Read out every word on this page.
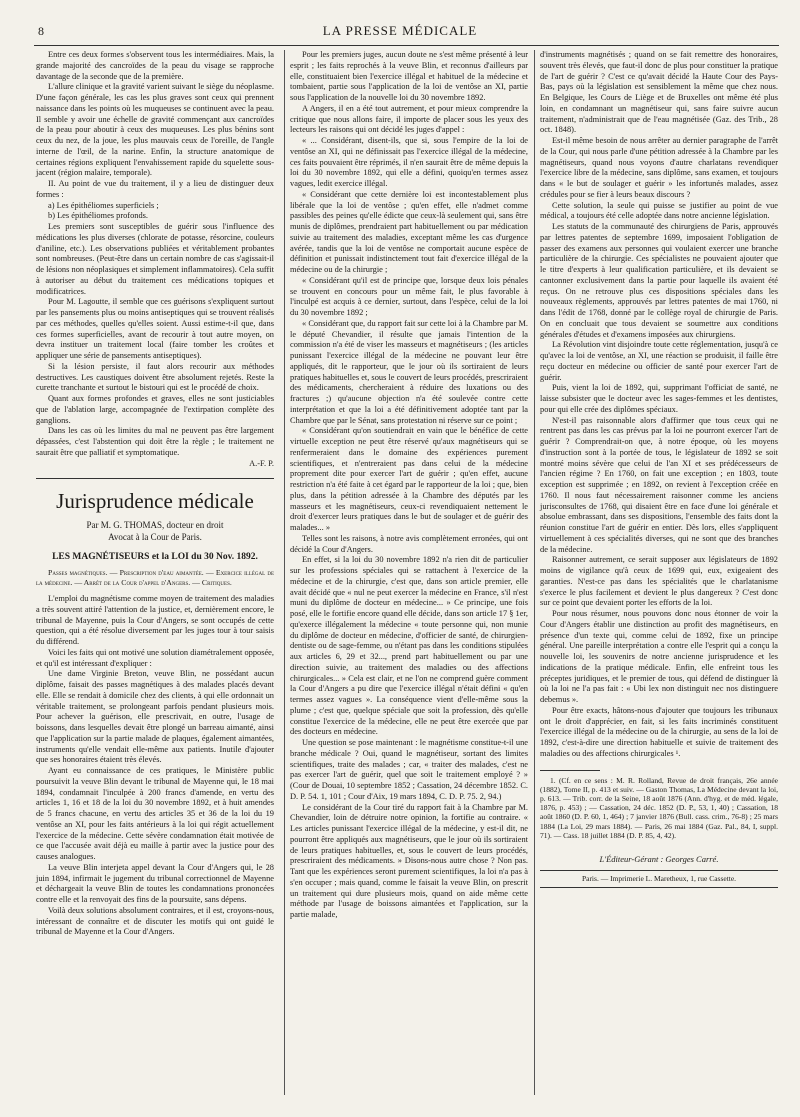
8	LA PRESSE MÉDICALE

Entre ces deux formes s'observent tous les intermédiaires. Mais, la grande majorité des cancroïdes de la peau du visage se rapproche davantage de la seconde que de la première.

L'allure clinique et la gravité varient suivant le siège du néoplasme. D'une façon générale, les cas les plus graves sont ceux qui prennent naissance dans les points où les muqueuses se continuent avec la peau. Il semble y avoir une échelle de gravité commençant aux cancroïdes de la peau pour aboutir à ceux des muqueuses. Les plus bénins sont ceux du nez, de la joue, les plus mauvais ceux de l'oreille, de l'angle interne de l'œil, de la narine. Enfin, la structure anatomique de certaines régions expliquent l'envahissement rapide du squelette sous-jacent (région malaire, temporale).

II. Au point de vue du traitement, il y a lieu de distinguer deux formes :

a) Les épithéliomes superficiels ;

b) Les épithéliomes profonds.

Les premiers sont susceptibles de guérir sous l'influence des médications les plus diverses (chlorate de potasse, résorcine, couleurs d'aniline, etc.). Les observations publiées et véritablement probantes sont nombreuses. (Peut-être dans un certain nombre de cas s'agissait-il de lésions non néoplasiques et simplement inflammatoires). Cela suffit à autoriser au début du traitement ces médications topiques et modificatrices.

Pour M. Lagoutte, il semble que ces guérisons s'expliquent surtout par les pansements plus ou moins antiseptiques qui se trouvent réalisés par ces méthodes, quelles qu'elles soient. Aussi estime-t-il que, dans ces formes superficielles, avant de recourir à tout autre moyen, on devra instituer un traitement local (faire tomber les croûtes et appliquer une série de pansements antiseptiques).

Si la lésion persiste, il faut alors recourir aux méthodes destructives. Les caustiques doivent être absolument rejetés. Reste la curette tranchante et surtout le bistouri qui est le procédé de choix.

Quant aux formes profondes et graves, elles ne sont justiciables que de l'ablation large, accompagnée de l'extirpation complète des ganglions.

Dans les cas où les limites du mal ne peuvent pas être largement dépassées, c'est l'abstention qui doit être la règle ; le traitement ne saurait être que palliatif et symptomatique.

A.-F. P.

Jurisprudence médicale
Par M. G. THOMAS, docteur en droit
Avocat à la Cour de Paris.
LES MAGNÉTISEURS et la LOI du 30 Nov. 1892.
Passes magnétiques. — Prescription d'eau aimantée. — Exercice illégal de la médecine. — Arrêt de la Cour d'appel d'Angers. — Critiques.

L'emploi du magnétisme comme moyen de traitement des maladies a très souvent attiré l'attention de la justice, et, dernièrement encore, le tribunal de Mayenne, puis la Cour d'Angers, se sont occupés de cette question, qui a été résolue diversement par les juges tour à tour saisis du différend.

Voici les faits qui ont motivé une solution diamétralement opposée, et qu'il est intéressant d'expliquer :

Une dame Virginie Breton, veuve Blin, ne possédant aucun diplôme, faisait des passes magnétiques à des malades placés devant elle. Elle se rendait à domicile chez des clients, à qui elle ordonnait un véritable traitement, se prolongeant parfois pendant plusieurs mois. Pour achever la guérison, elle prescrivait, en outre, l'usage de boissons, dans lesquelles devait être plongé un barreau aimanté, ainsi que l'application sur la partie malade de plaques, également aimantées, instruments qu'elle vendait elle-même aux patients. Inutile d'ajouter que ses honoraires étaient très élevés.

Ayant eu connaissance de ces pratiques, le Ministère public poursuivit la veuve Blin devant le tribunal de Mayenne qui, le 18 mai 1894, condamnait l'inculpée à 200 francs d'amende, en vertu des articles 1, 16 et 18 de la loi du 30 novembre 1892, et à huit amendes de 5 francs chacune, en vertu des articles 35 et 36 de la loi du 19 ventôse an XI, pour les faits antérieurs à la loi qui régit actuellement l'exercice de la médecine. Cette sévère condamnation était motivée de ce que l'accusée avait déjà eu maille à partir avec la justice pour des causes analogues.

La veuve Blin interjeta appel devant la Cour d'Angers qui, le 28 juin 1894, infirmait le jugement du tribunal correctionnel de Mayenne et déchargeait la veuve Blin de toutes les condamnations prononcées contre elle et la renvoyait des fins de la poursuite, sans dépens.

Voilà deux solutions absolument contraires, et il est, croyons-nous, intéressant de connaître et de discuter les motifs qui ont guidé le tribunal de Mayenne et la Cour d'Angers.

Pour les premiers juges, aucun doute ne s'est même présenté à leur esprit ; les faits reprochés à la veuve Blin, et reconnus d'ailleurs par elle, constituaient bien l'exercice illégal et habituel de la médecine et tombaient, partie sous l'application de la loi de ventôse an XI, partie sous l'application de la nouvelle loi du 30 novembre 1892.

A Angers, il en a été tout autrement, et pour mieux comprendre la critique que nous allons faire, il importe de placer sous les yeux des lecteurs les raisons qui ont décidé les juges d'appel :

« ... Considérant, disent-ils, que si, sous l'empire de la loi de ventôse an XI, qui ne définissait pas l'exercice illégal de la médecine, ces faits pouvaient être réprimés, il n'en saurait être de même depuis la loi du 30 novembre 1892, qui elle a défini, quoiqu'en termes assez vagues, ledit exercice illégal.

« Considérant que cette dernière loi est incontestablement plus libérale que la loi de ventôse ; qu'en effet, elle n'admet comme passibles des peines qu'elle édicte que ceux-là seulement qui, sans être munis de diplômes, prendraient part habituellement ou par médication suivie au traitement des maladies, exceptant même les cas d'urgence avérée, tandis que la loi de ventôse ne comportait aucune espèce de définition et punissait indistinctement tout fait d'exercice illégal de la médecine ou de la chirurgie ;

« Considérant qu'il est de principe que, lorsque deux lois pénales se trouvent en concours pour un même fait, le plus favorable à l'inculpé est acquis à ce dernier, surtout, dans l'espèce, celui de la loi du 30 novembre 1892 ;

« Considérant que, du rapport fait sur cette loi à la Chambre par M. le député Chevandier, il résulte que jamais l'intention de la commission n'a été de viser les masseurs et magnétiseurs ; (les articles punissant l'exercice illégal de la médecine ne pouvant leur être appliqués, dit le rapporteur, que le jour où ils sortiraient de leurs pratiques habituelles et, sous le couvert de leurs procédés, prescriraient des médicaments, chercheraient à réduire des luxations ou des fractures ;) qu'aucune objection n'a été soulevée contre cette interprétation et que la loi a été définitivement adoptée tant par la Chambre que par le Sénat, sans protestation ni réserve sur ce point ;

« Considérant qu'on soutiendrait en vain que le bénéfice de cette virtuelle exception ne peut être réservé qu'aux magnétiseurs qui se renfermeraient dans le domaine des expériences purement scientifiques, et n'entreraient pas dans celui de la médecine proprement dite pour exercer l'art de guérir ; qu'en effet, aucune restriction n'a été faite à cet égard par le rapporteur de la loi ; que, bien plus, dans la pétition adressée à la Chambre des députés par les masseurs et les magnétiseurs, ceux-ci revendiquaient nettement le droit d'exercer leurs pratiques dans le but de soulager et de guérir des malades... »

Telles sont les raisons, à notre avis complètement erronées, qui ont décidé la Cour d'Angers.

En effet, si la loi du 30 novembre 1892 n'a rien dit de particulier sur les professions spéciales qui se rattachent à l'exercice de la médecine et de la chirurgie, c'est que, dans son article premier, elle avait décidé que « nul ne peut exercer la médecine en France, s'il n'est muni du diplôme de docteur en médecine... » Ce principe, une fois posé, elle le fortifie encore quand elle décide, dans son article 17 § 1er, qu'exerce illégalement la médecine « toute personne qui, non munie du diplôme de docteur en médecine, d'officier de santé, de chirurgien-dentiste ou de sage-femme, ou n'étant pas dans les conditions stipulées aux articles 6, 29 et 32..., prend part habituellement ou par une direction suivie, au traitement des maladies ou des affections chirurgicales... » Cela est clair, et ne l'on ne comprend guère comment la Cour d'Angers a pu dire que l'exercice illégal n'était défini « qu'en termes assez vagues ». La conséquence vient d'elle-même sous la plume ; c'est que, quelque spéciale que soit la profession, dès qu'elle constitue l'exercice de la médecine, elle ne peut être exercée que par des docteurs en médecine.

Une question se pose maintenant : le magnétisme constitue-t-il une branche médicale ? Oui, quand le magnétiseur, sortant des limites scientifiques, traite des malades ; car, « traiter des malades, c'est ne pas exercer l'art de guérir, quel que soit le traitement employé ? » (Cour de Douai, 10 septembre 1852 ; Cassation, 24 décembre 1852. C. D. P. 54. 1, 101 ; Cour d'Aix, 19 mars 1894, C. D. P. 75. 2, 94.)

Le considérant de la Cour tiré du rapport fait à la Chambre par M. Chevandier, loin de détruire notre opinion, la fortifie au contraire. « Les articles punissant l'exercice illégal de la médecine, y est-il dit, ne pourront être appliqués aux magnétiseurs, que le jour où ils sortiraient de leurs pratiques habituelles, et, sous le couvert de leurs procédés, prescriraient des médicaments. » Disons-nous autre chose ? Non pas. Tant que les expériences seront purement scientifiques, la loi n'a pas à s'en occuper ; mais quand, comme le faisait la veuve Blin, on prescrit un traitement qui dure plusieurs mois, quand on aide même cette méthode par l'usage de boissons aimantées et l'application, sur la partie malade,

d'instruments magnétisés ; quand on se fait remettre des honoraires, souvent très élevés, que faut-il donc de plus pour constituer la pratique de l'art de guérir ? C'est ce qu'avait décidé la Haute Cour des Pays-Bas, pays où la législation est sensiblement la même que chez nous. En Belgique, les Cours de Liège et de Bruxelles ont même été plus loin, en condamnant un magnétiseur qui, sans faire suivre aucun traitement, n'administrait que de l'eau magnétisée (Gaz. des Trib., 28 oct. 1848).

Est-il même besoin de nous arrêter au dernier paragraphe de l'arrêt de la Cour, qui nous parle d'une pétition adressée à la Chambre par les magnétiseurs, quand nous voyons d'autre charlatans revendiquer l'exercice libre de la médecine, sans diplôme, sans examen, et toujours dans « le but de soulager et guérir » les infortunés malades, assez crédules pour se fier à leurs beaux discours ?

Cette solution, la seule qui puisse se justifier au point de vue médical, a toujours été celle adoptée dans notre ancienne législation.

Les statuts de la communauté des chirurgiens de Paris, approuvés par lettres patentes de septembre 1699, imposaient l'obligation de passer des examens aux personnes qui voulaient exercer une branche particulière de la chirurgie. Ces spécialistes ne pouvaient ajouter que le titre d'experts à leur qualification particulière, et ils devaient se cantonner exclusivement dans la partie pour laquelle ils avaient été reçus. On ne retrouve plus ces dispositions spéciales dans les nouveaux règlements, approuvés par lettres patentes de mai 1760, ni dans l'édit de 1768, donné par le collège royal de chirurgie de Paris. On en concluait que tous devaient se soumettre aux conditions générales d'études et d'examens imposées aux chirurgiens.

La Révolution vint disjoindre toute cette réglementation, jusqu'à ce qu'avec la loi de ventôse, an XI, une réaction se produisit, il faille être reçu docteur en médecine ou officier de santé pour exercer l'art de guérir.

Puis, vient la loi de 1892, qui, supprimant l'officiat de santé, ne laisse subsister que le docteur avec les sages-femmes et les dentistes, pour qui elle crée des diplômes spéciaux.

N'est-il pas raisonnable alors d'affirmer que tous ceux qui ne rentrent pas dans les cas prévus par la loi ne pourront exercer l'art de guérir ? Comprendrait-on que, à notre époque, où les moyens d'instruction sont à la portée de tous, le législateur de 1892 se soit montré moins sévère que celui de l'an XI et ses prédécesseurs de l'ancien régime ? En 1760, on fait une exception ; en 1803, toute exception est supprimée ; en 1892, on revient à l'exception créée en 1760. Il nous faut nécessairement raisonner comme les anciens jurisconsultes de 1768, qui disaient être en face d'une loi générale et absolue embrassant, dans ses dispositions, l'ensemble des faits dont la réunion constitue l'art de guérir en entier. Dès lors, elles s'appliquent virtuellement à ces spécialités diverses, qui ne sont que des branches de la médecine.

Raisonner autrement, ce serait supposer aux législateurs de 1892 moins de vigilance qu'à ceux de 1699 qui, eux, exigeaient des garanties. N'est-ce pas dans les spécialités que le charlatanisme s'exerce le plus facilement et devient le plus dangereux ? C'est donc sur ce point que devaient porter les efforts de la loi.

Pour nous résumer, nous pouvons donc nous étonner de voir la Cour d'Angers établir une distinction au profit des magnétiseurs, en présence d'un texte qui, comme celui de 1892, fixe un principe général. Une pareille interprétation a contre elle l'esprit qui a conçu la nouvelle loi, les souvenirs de notre ancienne jurisprudence et les indications de la pratique médicale. Enfin, elle enfreint tous les préceptes juridiques, et le premier de tous, qui défend de distinguer là où la loi ne l'a pas fait : « Ubi lex non distinguit nec nos distinguere debemus ».

Pour être exacts, hâtons-nous d'ajouter que toujours les tribunaux ont le droit d'apprécier, en fait, si les faits incriminés constituent l'exercice illégal de la médecine ou de la chirurgie, au sens de la loi de 1892, c'est-à-dire une direction habituelle et suivie de traitement des maladies ou des affections chirurgicales ¹.

1. (Cf. en ce sens : M. R. Rolland, Revue de droit français, 26e année (1882), Tome II, p. 413 et suiv. — Gaston Thomas, La Médecine devant la loi, p. 613. — Trib. corr. de la Seine, 18 août 1876 (Ann. d'hyg. et de méd. légale, 1876, p. 453) ; — Cassation, 24 déc. 1852 (D. P., 53, 1, 40) ; Cassation, 18 août 1860 (D. P. 60, 1, 464) ; 7 janvier 1876 (Bull. cass. crim., 76-8) ; 25 mars 1884 (La Loi, 29 mars 1884). — Paris, 26 mai 1884 (Gaz. Pal., 84, I, suppl. 71). — Cass. 18 juillet 1884 (D. P. 85, 4, 42).

L'Éditeur-Gérant : Georges Carré.
Paris. — Imprimerie L. Maretheux, 1, rue Cassette.
